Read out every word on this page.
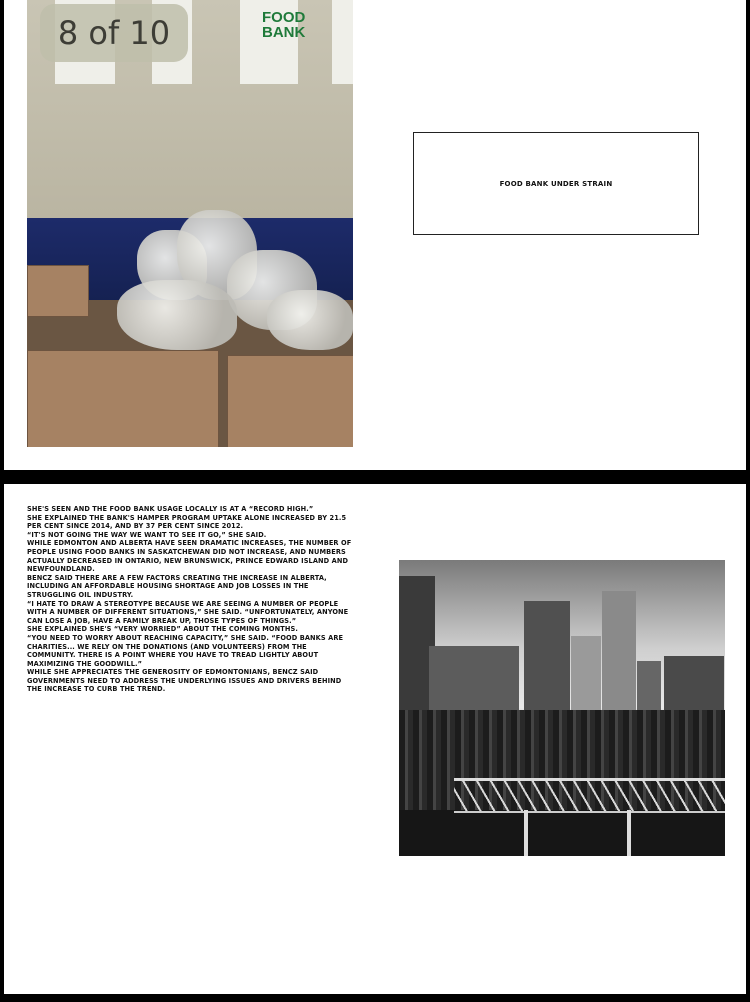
FOOD
BANK
8 of 10
FOOD BANK UNDER STRAIN

SHE'S SEEN AND THE FOOD BANK USAGE LOCALLY IS AT A “RECORD HIGH.”

SHE EXPLAINED THE BANK'S HAMPER PROGRAM UPTAKE ALONE INCREASED BY 21.5 PER CENT SINCE 2014, AND BY 37 PER CENT SINCE 2012.

“IT'S NOT GOING THE WAY WE WANT TO SEE IT GO,” SHE SAID.

WHILE EDMONTON AND ALBERTA HAVE SEEN DRAMATIC INCREASES, THE NUMBER OF PEOPLE USING FOOD BANKS IN SASKATCHEWAN DID NOT INCREASE, AND NUMBERS ACTUALLY DECREASED IN ONTARIO, NEW BRUNSWICK, PRINCE EDWARD ISLAND AND NEWFOUNDLAND.

BENCZ SAID THERE ARE A FEW FACTORS CREATING THE INCREASE IN ALBERTA, INCLUDING AN AFFORDABLE HOUSING SHORTAGE AND JOB LOSSES IN THE STRUGGLING OIL INDUSTRY.

“I HATE TO DRAW A STEREOTYPE BECAUSE WE ARE SEEING A NUMBER OF PEOPLE WITH A NUMBER OF DIFFERENT SITUATIONS,” SHE SAID. “UNFORTUNATELY, ANYONE CAN LOSE A JOB, HAVE A FAMILY BREAK UP, THOSE TYPES OF THINGS.”

SHE EXPLAINED SHE'S “VERY WORRIED” ABOUT THE COMING MONTHS.

“YOU NEED TO WORRY ABOUT REACHING CAPACITY,” SHE SAID. “FOOD BANKS ARE CHARITIES... WE RELY ON THE DONATIONS (AND VOLUNTEERS) FROM THE COMMUNITY. THERE IS A POINT WHERE YOU HAVE TO TREAD LIGHTLY ABOUT MAXIMIZING THE GOODWILL.”

WHILE SHE APPRECIATES THE GENEROSITY OF EDMONTONIANS, BENCZ SAID GOVERNMENTS NEED TO ADDRESS THE UNDERLYING ISSUES AND DRIVERS BEHIND THE INCREASE TO CURB THE TREND.
